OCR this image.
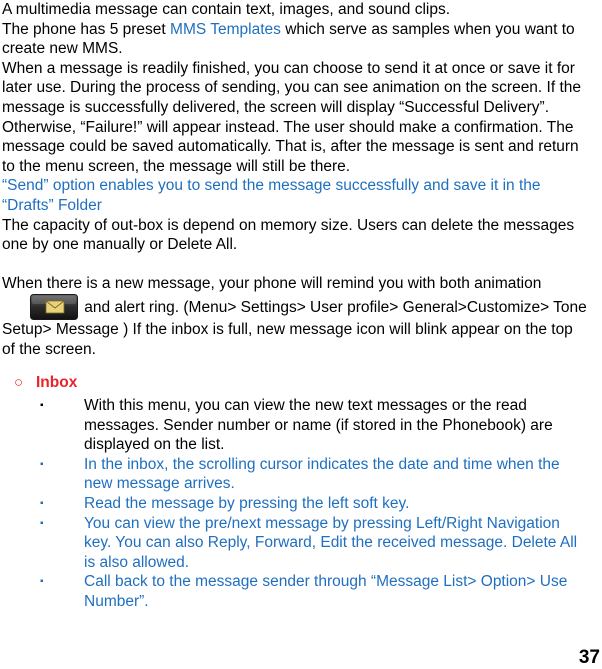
A multimedia message can contain text, images, and sound clips.

The phone has 5 preset MMS Templates which serve as samples when you want to create new MMS.

When a message is readily finished, you can choose to send it at once or save it for later use. During the process of sending, you can see animation on the screen. If the message is successfully delivered, the screen will display “Successful Delivery”. Otherwise, “Failure!” will appear instead. The user should make a confirmation. The message could be saved automatically. That is, after the message is sent and return to the menu screen, the message will still be there.

“Send” option enables you to send the message successfully and save it in the “Drafts” Folder

The capacity of out-box is depend on memory size. Users can delete the messages one by one manually or Delete All.

When there is a new message, your phone will remind you with both animation

and alert ring. (Menu> Settings> User profile> General>Customize> Tone Setup> Message ) If the inbox is full, new message icon will blink appear on the top of the screen.

○ Inbox
▪	With this menu, you can view the new text messages or the read messages. Sender number or name (if stored in the Phonebook) are displayed on the list.
▪	In the inbox, the scrolling cursor indicates the date and time when the new message arrives.
▪	Read the message by pressing the left soft key.
▪	You can view the pre/next message by pressing Left/Right Navigation key. You can also Reply, Forward, Edit the received message. Delete All is also allowed.
▪	Call back to the message sender through “Message List> Option> Use Number”.
37
